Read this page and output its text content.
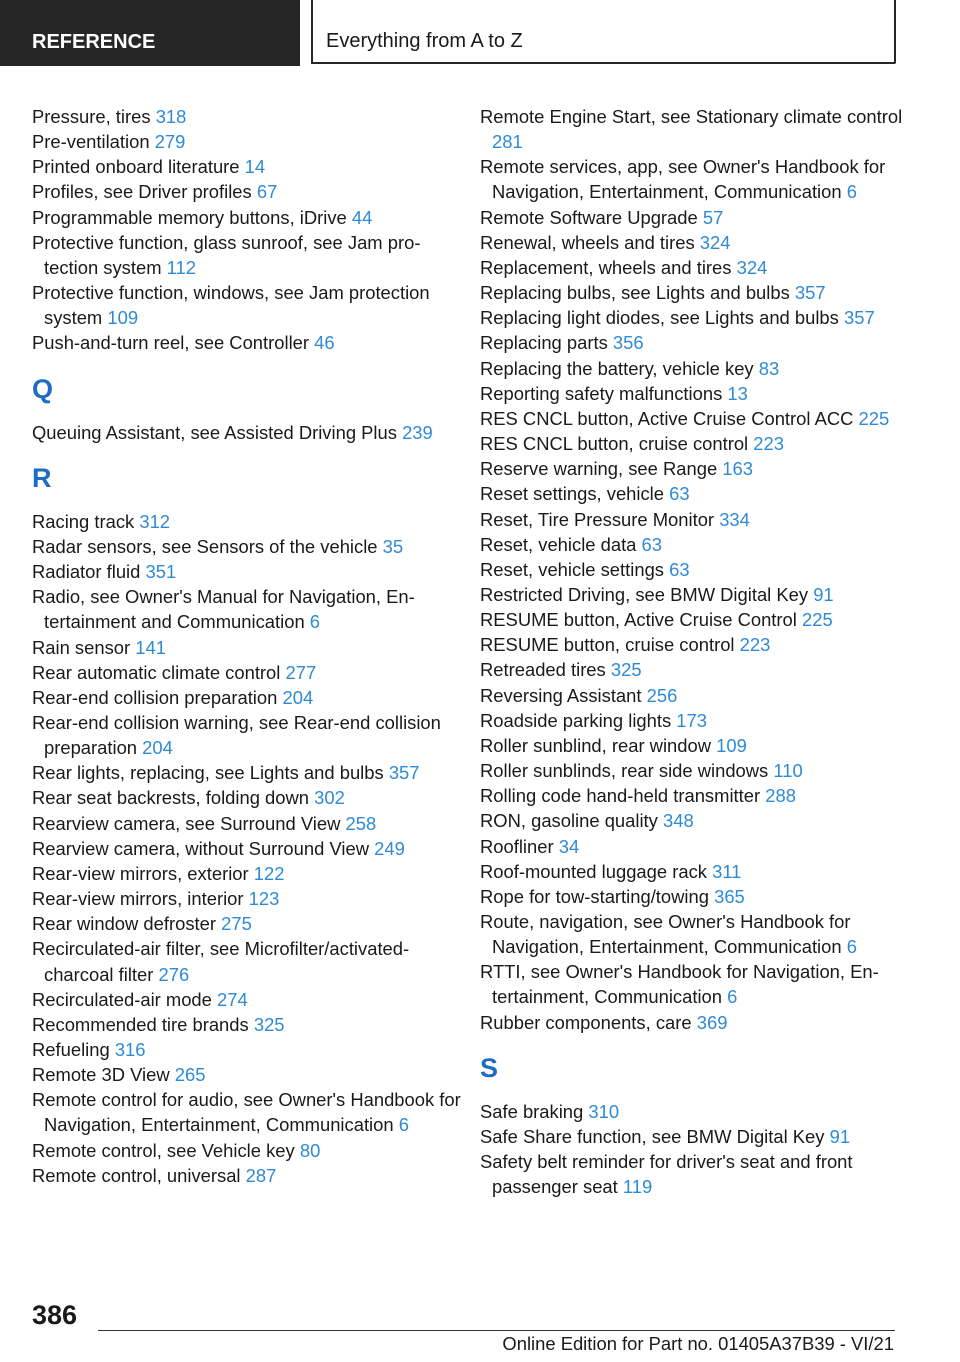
REFERENCE	Everything from A to Z
Pressure, tires 318
Pre-ventilation 279
Printed onboard literature 14
Profiles, see Driver profiles 67
Programmable memory buttons, iDrive 44
Protective function, glass sunroof, see Jam protection system 112
Protective function, windows, see Jam protection system 109
Push-and-turn reel, see Controller 46
Q
Queuing Assistant, see Assisted Driving Plus 239
R
Racing track 312
Radar sensors, see Sensors of the vehicle 35
Radiator fluid 351
Radio, see Owner's Manual for Navigation, Entertainment and Communication 6
Rain sensor 141
Rear automatic climate control 277
Rear-end collision preparation 204
Rear-end collision warning, see Rear-end collision preparation 204
Rear lights, replacing, see Lights and bulbs 357
Rear seat backrests, folding down 302
Rearview camera, see Surround View 258
Rearview camera, without Surround View 249
Rear-view mirrors, exterior 122
Rear-view mirrors, interior 123
Rear window defroster 275
Recirculated-air filter, see Microfilter/activated-charcoal filter 276
Recirculated-air mode 274
Recommended tire brands 325
Refueling 316
Remote 3D View 265
Remote control for audio, see Owner's Handbook for Navigation, Entertainment, Communication 6
Remote control, see Vehicle key 80
Remote control, universal 287
Remote Engine Start, see Stationary climate control 281
Remote services, app, see Owner's Handbook for Navigation, Entertainment, Communication 6
Remote Software Upgrade 57
Renewal, wheels and tires 324
Replacement, wheels and tires 324
Replacing bulbs, see Lights and bulbs 357
Replacing light diodes, see Lights and bulbs 357
Replacing parts 356
Replacing the battery, vehicle key 83
Reporting safety malfunctions 13
RES CNCL button, Active Cruise Control ACC 225
RES CNCL button, cruise control 223
Reserve warning, see Range 163
Reset settings, vehicle 63
Reset, Tire Pressure Monitor 334
Reset, vehicle data 63
Reset, vehicle settings 63
Restricted Driving, see BMW Digital Key 91
RESUME button, Active Cruise Control 225
RESUME button, cruise control 223
Retreaded tires 325
Reversing Assistant 256
Roadside parking lights 173
Roller sunblind, rear window 109
Roller sunblinds, rear side windows 110
Rolling code hand-held transmitter 288
RON, gasoline quality 348
Roofliner 34
Roof-mounted luggage rack 311
Rope for tow-starting/towing 365
Route, navigation, see Owner's Handbook for Navigation, Entertainment, Communication 6
RTTI, see Owner's Handbook for Navigation, Entertainment, Communication 6
Rubber components, care 369
S
Safe braking 310
Safe Share function, see BMW Digital Key 91
Safety belt reminder for driver's seat and front passenger seat 119
386
Online Edition for Part no. 01405A37B39 - VI/21
